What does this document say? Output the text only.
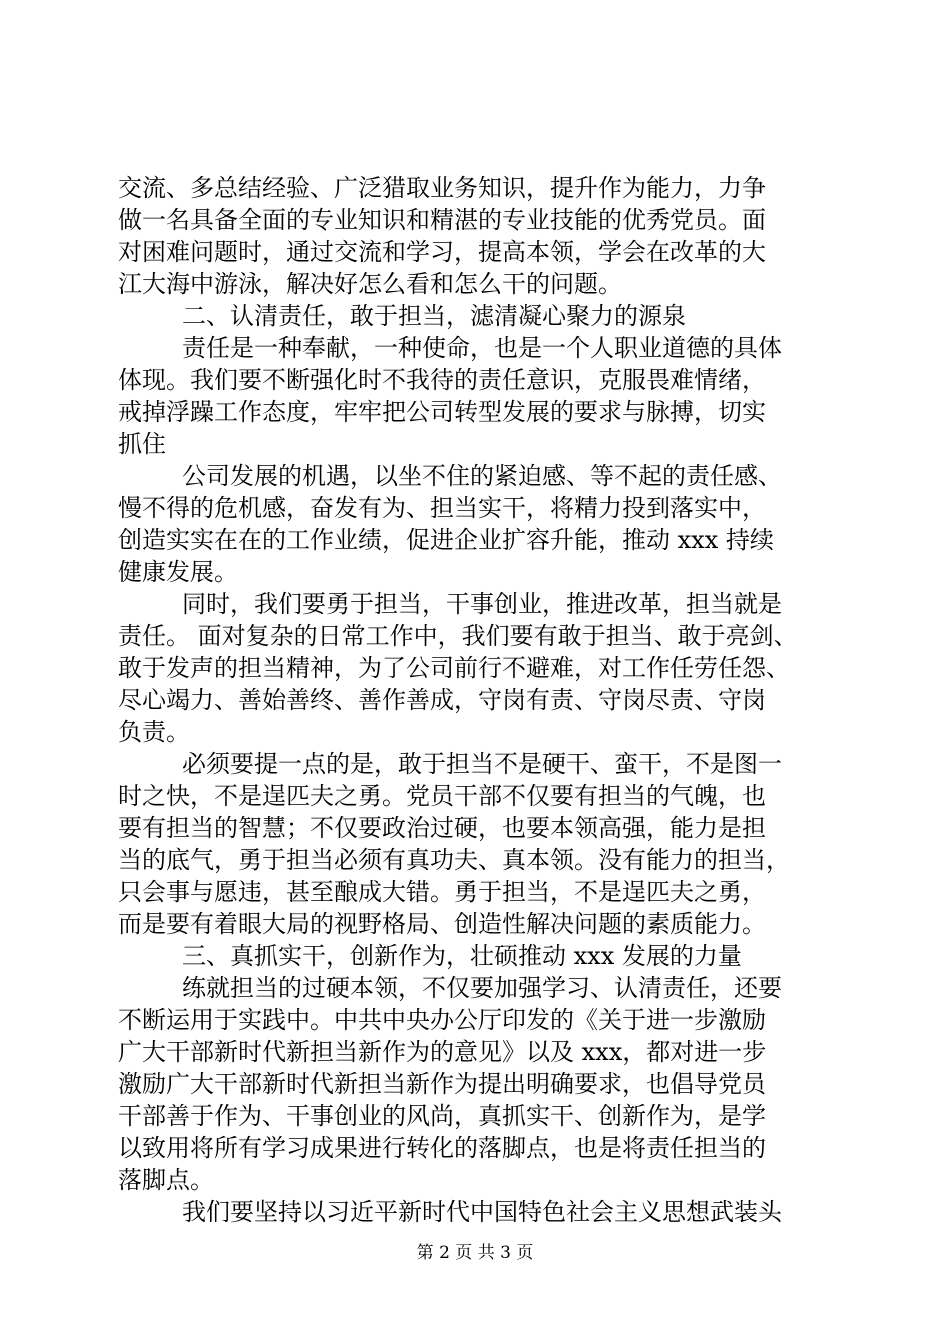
交流、多总结经验、广泛猎取业务知识，提升作为能力，力争
做一名具备全面的专业知识和精湛的专业技能的优秀党员。面
对困难问题时，通过交流和学习，提高本领，学会在改革的大
江大海中游泳，解决好怎么看和怎么干的问题。
二、认清责任，敢于担当，滤清凝心聚力的源泉
责任是一种奉献，一种使命，也是一个人职业道德的具体
体现。我们要不断强化时不我待的责任意识，克服畏难情绪，
戒掉浮躁工作态度，牢牢把公司转型发展的要求与脉搏，切实
抓住
公司发展的机遇，以坐不住的紧迫感、等不起的责任感、
慢不得的危机感，奋发有为、担当实干，将精力投到落实中，
创造实实在在的工作业绩，促进企业扩容升能，推动 xxx 持续
健康发展。
同时，我们要勇于担当，干事创业，推进改革，担当就是
责任。 面对复杂的日常工作中，我们要有敢于担当、敢于亮剑、
敢于发声的担当精神，为了公司前行不避难，对工作任劳任怨、
尽心竭力、善始善终、善作善成，守岗有责、守岗尽责、守岗
负责。
必须要提一点的是，敢于担当不是硬干、蛮干，不是图一
时之快，不是逞匹夫之勇。党员干部不仅要有担当的气魄，也
要有担当的智慧；不仅要政治过硬，也要本领高强，能力是担
当的底气，勇于担当必须有真功夫、真本领。没有能力的担当，
只会事与愿违，甚至酿成大错。勇于担当，不是逞匹夫之勇，
而是要有着眼大局的视野格局、创造性解决问题的素质能力。
三、真抓实干，创新作为，壮硕推动 xxx 发展的力量
练就担当的过硬本领，不仅要加强学习、认清责任，还要
不断运用于实践中。中共中央办公厅印发的《关于进一步激励
广大干部新时代新担当新作为的意见》以及 xxx，都对进一步
激励广大干部新时代新担当新作为提出明确要求，也倡导党员
干部善于作为、干事创业的风尚，真抓实干、创新作为，是学
以致用将所有学习成果进行转化的落脚点，也是将责任担当的
落脚点。
我们要坚持以习近平新时代中国特色社会主义思想武装头
第 2 页 共 3 页
